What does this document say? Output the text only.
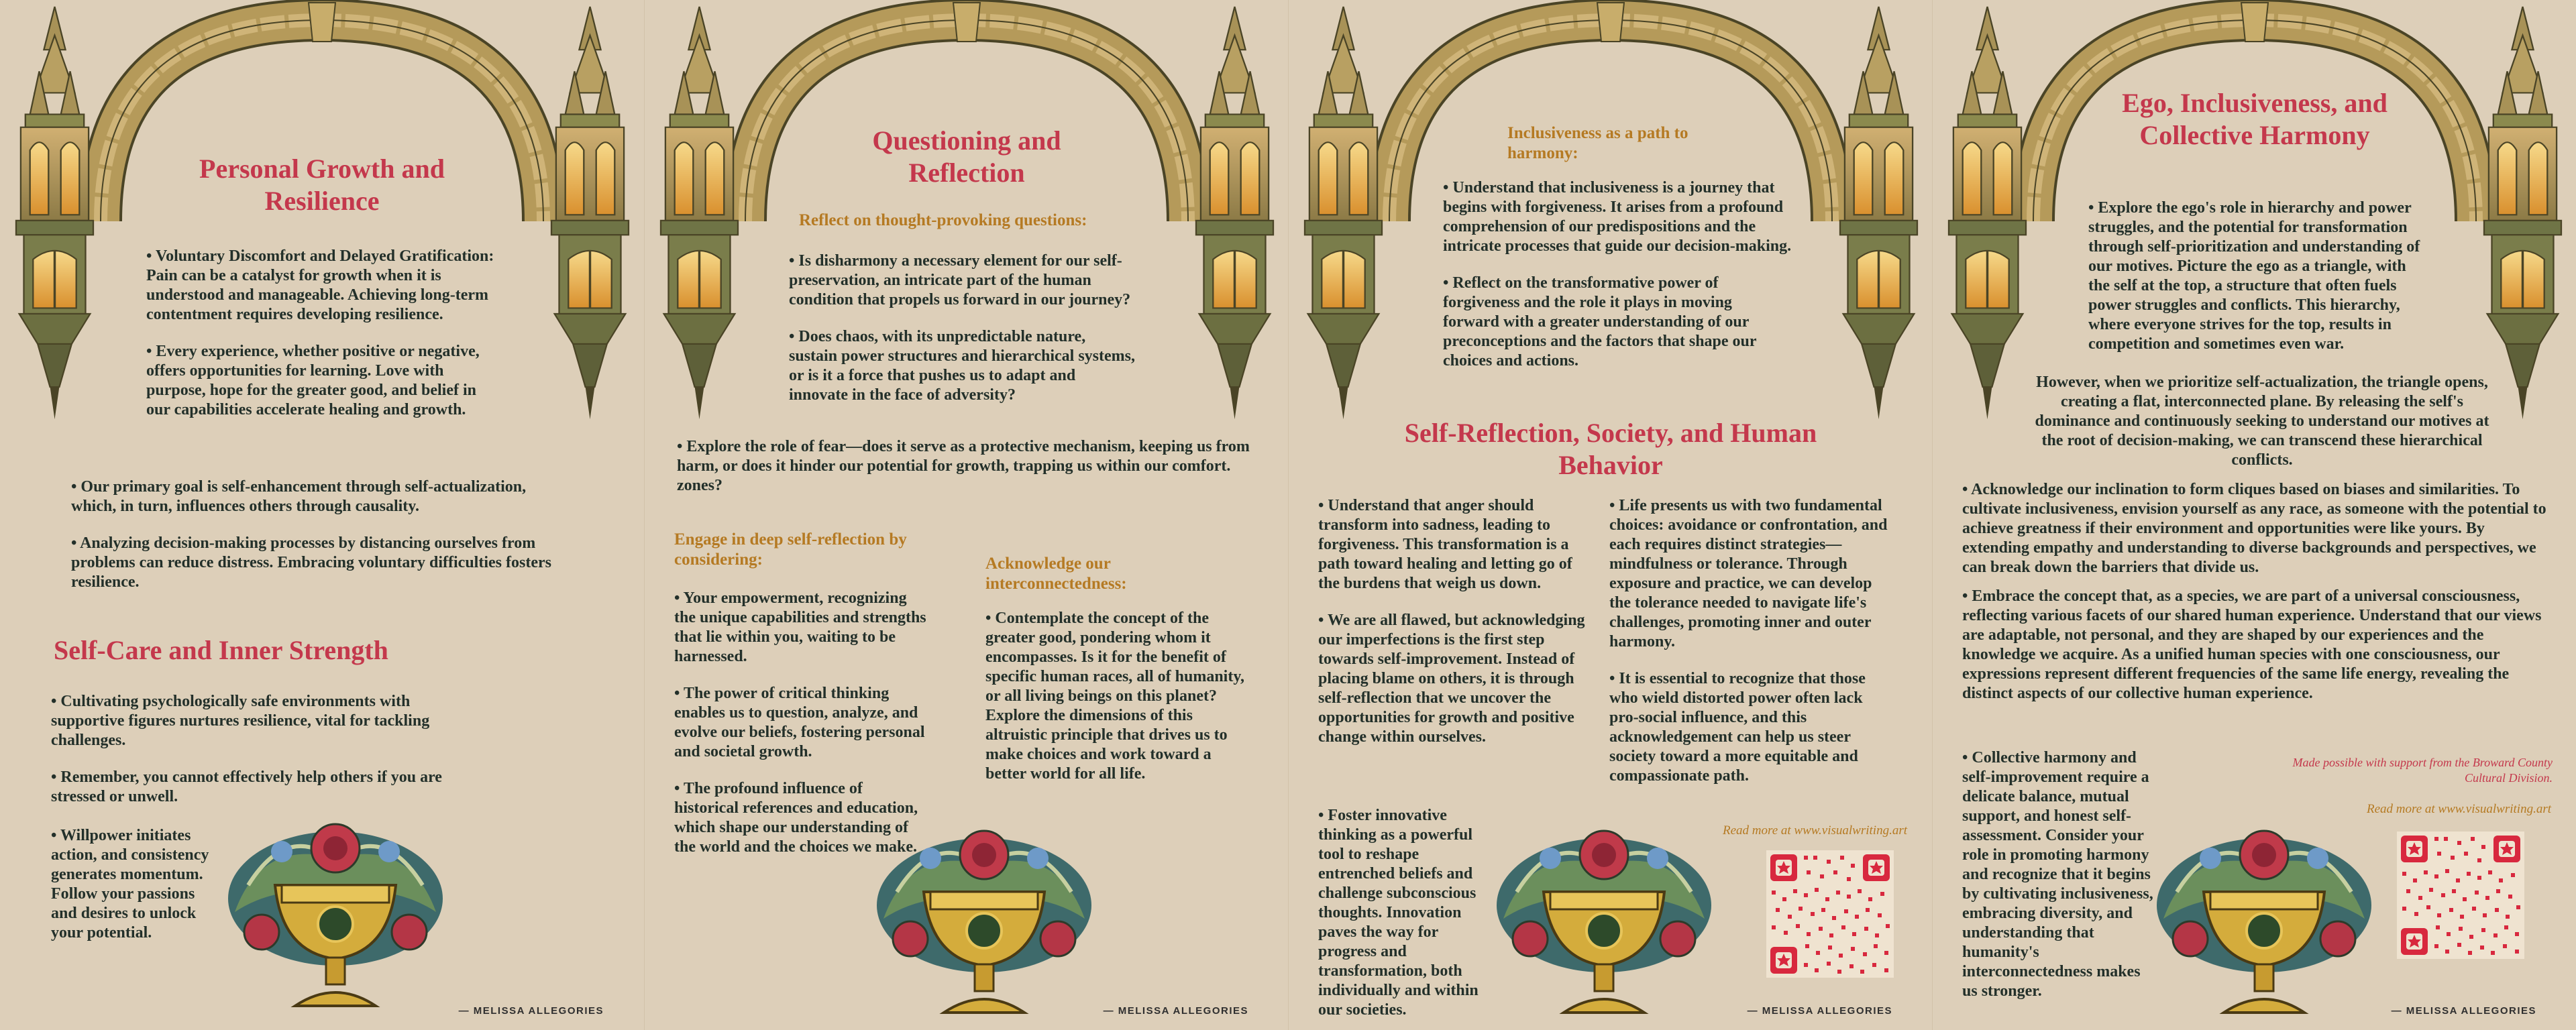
Personal Growth and Resilience

• Voluntary Discomfort and Delayed Gratification: Pain can be a catalyst for growth when it is understood and manageable. Achieving long-term contentment requires developing resilience.

• Every experience, whether positive or negative, offers opportunities for learning. Love with purpose, hope for the greater good, and belief in our capabilities accelerate healing and growth.

• Our primary goal is self-enhancement through self-actualization, which, in turn, influences others through causality.

• Analyzing decision-making processes by distancing ourselves from problems can reduce distress. Embracing voluntary difficulties fosters resilience.

Self-Care and Inner Strength

• Cultivating psychologically safe environments with supportive figures nurtures resilience, vital for tackling challenges.

• Remember, you cannot effectively help others if you are stressed or unwell.

• Willpower initiates action, and consistency generates momentum. Follow your passions and desires to unlock your potential.

— MELISSA ALLEGORIES
Questioning and Reflection
Reflect on thought-provoking questions:

• Is disharmony a necessary element for our self-preservation, an intricate part of the human condition that propels us forward in our journey?

• Does chaos, with its unpredictable nature, sustain power structures and hierarchical systems, or is it a force that pushes us to adapt and innovate in the face of adversity?

• Explore the role of fear—does it serve as a protective mechanism, keeping us from harm, or does it hinder our potential for growth, trapping us within our comfort. zones?

Engage in deep self-reflection by considering:

• Your empowerment, recognizing the unique capabilities and strengths that lie within you, waiting to be harnessed.

• The power of critical thinking enables us to question, analyze, and evolve our beliefs, fostering personal and societal growth.

• The profound influence of historical references and education, which shape our understanding of the world and the choices we make.

Acknowledge our interconnectedness:

• Contemplate the concept of the greater good, pondering whom it encompasses. Is it for the benefit of specific human races, all of humanity, or all living beings on this planet? Explore the dimensions of this altruistic principle that drives us to make choices and work toward a better world for all life.

— MELISSA ALLEGORIES
Inclusiveness as a path to harmony:

• Understand that inclusiveness is a journey that begins with forgiveness. It arises from a profound comprehension of our predispositions and the intricate processes that guide our decision-making.

• Reflect on the transformative power of forgiveness and the role it plays in moving forward with a greater understanding of our preconceptions and the factors that shape our choices and actions.

Self-Reflection, Society, and Human Behavior

• Understand that anger should transform into sadness, leading to forgiveness. This transformation is a path toward healing and letting go of the burdens that weigh us down.

• We are all flawed, but acknowledging our imperfections is the first step towards self-improvement. Instead of placing blame on others, it is through self-reflection that we uncover the opportunities for growth and positive change within ourselves.

• Foster innovative thinking as a powerful tool to reshape entrenched beliefs and challenge subconscious thoughts. Innovation paves the way for progress and transformation, both individually and within our societies.

• Life presents us with two fundamental choices: avoidance or confrontation, and each requires distinct strategies—mindfulness or tolerance. Through exposure and practice, we can develop the tolerance needed to navigate life's challenges, promoting inner and outer harmony.

• It is essential to recognize that those who wield distorted power often lack pro-social influence, and this acknowledgement can help us steer society toward a more equitable and compassionate path.

Read more at www.visualwriting.art
— MELISSA ALLEGORIES
Ego, Inclusiveness, and Collective Harmony

• Explore the ego's role in hierarchy and power struggles, and the potential for transformation through self-prioritization and understanding of our motives. Picture the ego as a triangle, with the self at the top, a structure that often fuels power struggles and conflicts. This hierarchy, where everyone strives for the top, results in competition and sometimes even war.

However, when we prioritize self-actualization, the triangle opens, creating a flat, interconnected plane. By releasing the self's dominance and continuously seeking to understand our motives at the root of decision-making, we can transcend these hierarchical conflicts.

• Acknowledge our inclination to form cliques based on biases and similarities. To cultivate inclusiveness, envision yourself as any race, as someone with the potential to achieve greatness if their environment and opportunities were like yours. By extending empathy and understanding to diverse backgrounds and perspectives, we can break down the barriers that divide us.

• Embrace the concept that, as a species, we are part of a universal consciousness, reflecting various facets of our shared human experience. Understand that our views are adaptable, not personal, and they are shaped by our experiences and the knowledge we acquire. As a unified human species with one consciousness, our expressions represent different frequencies of the same life energy, revealing the distinct aspects of our collective human experience.

• Collective harmony and self-improvement require a delicate balance, mutual support, and honest self-assessment. Consider your role in promoting harmony and recognize that it begins by cultivating inclusiveness, embracing diversity, and understanding that humanity's interconnectedness makes us stronger.

Made possible with support from the Broward County Cultural Division.
Read more at www.visualwriting.art
— MELISSA ALLEGORIES
